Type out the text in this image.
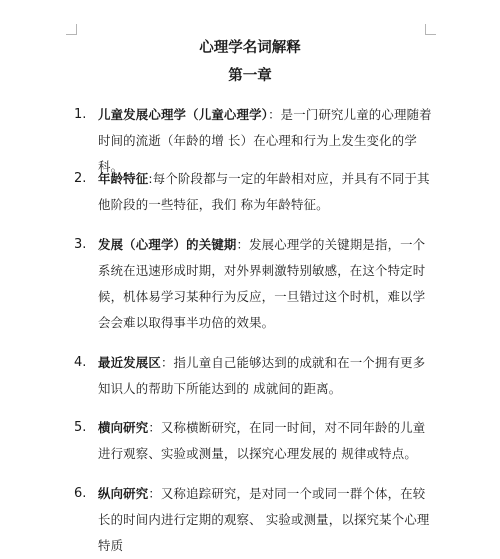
心理学名词解释
第一章
1. 儿童发展心理学（儿童心理学）：是一门研究儿童的心理随着时间的流逝（年龄的增 长）在心理和行为上发生变化的学科。
2. 年龄特征:每个阶段都与一定的年龄相对应，并具有不同于其他阶段的一些特征，我们 称为年龄特征。
3. 发展（心理学）的关键期：发展心理学的关键期是指，一个系统在迅速形成时期，对外界刺激特别敏感，在这个特定时 候，机体易学习某种行为反应，一旦错过这个时机，难以学会会难以取得事半功倍的效果。
4. 最近发展区：指儿童自己能够达到的成就和在一个拥有更多知识人的帮助下所能达到的 成就间的距离。
5. 横向研究：又称横断研究，在同一时间，对不同年龄的儿童进行观察、实验或测量，以探究心理发展的 规律或特点。
6. 纵向研究：又称追踪研究，是对同一个或同一群个体，在较长的时间内进行定期的观察、 实验或测量，以探究某个心理特质
